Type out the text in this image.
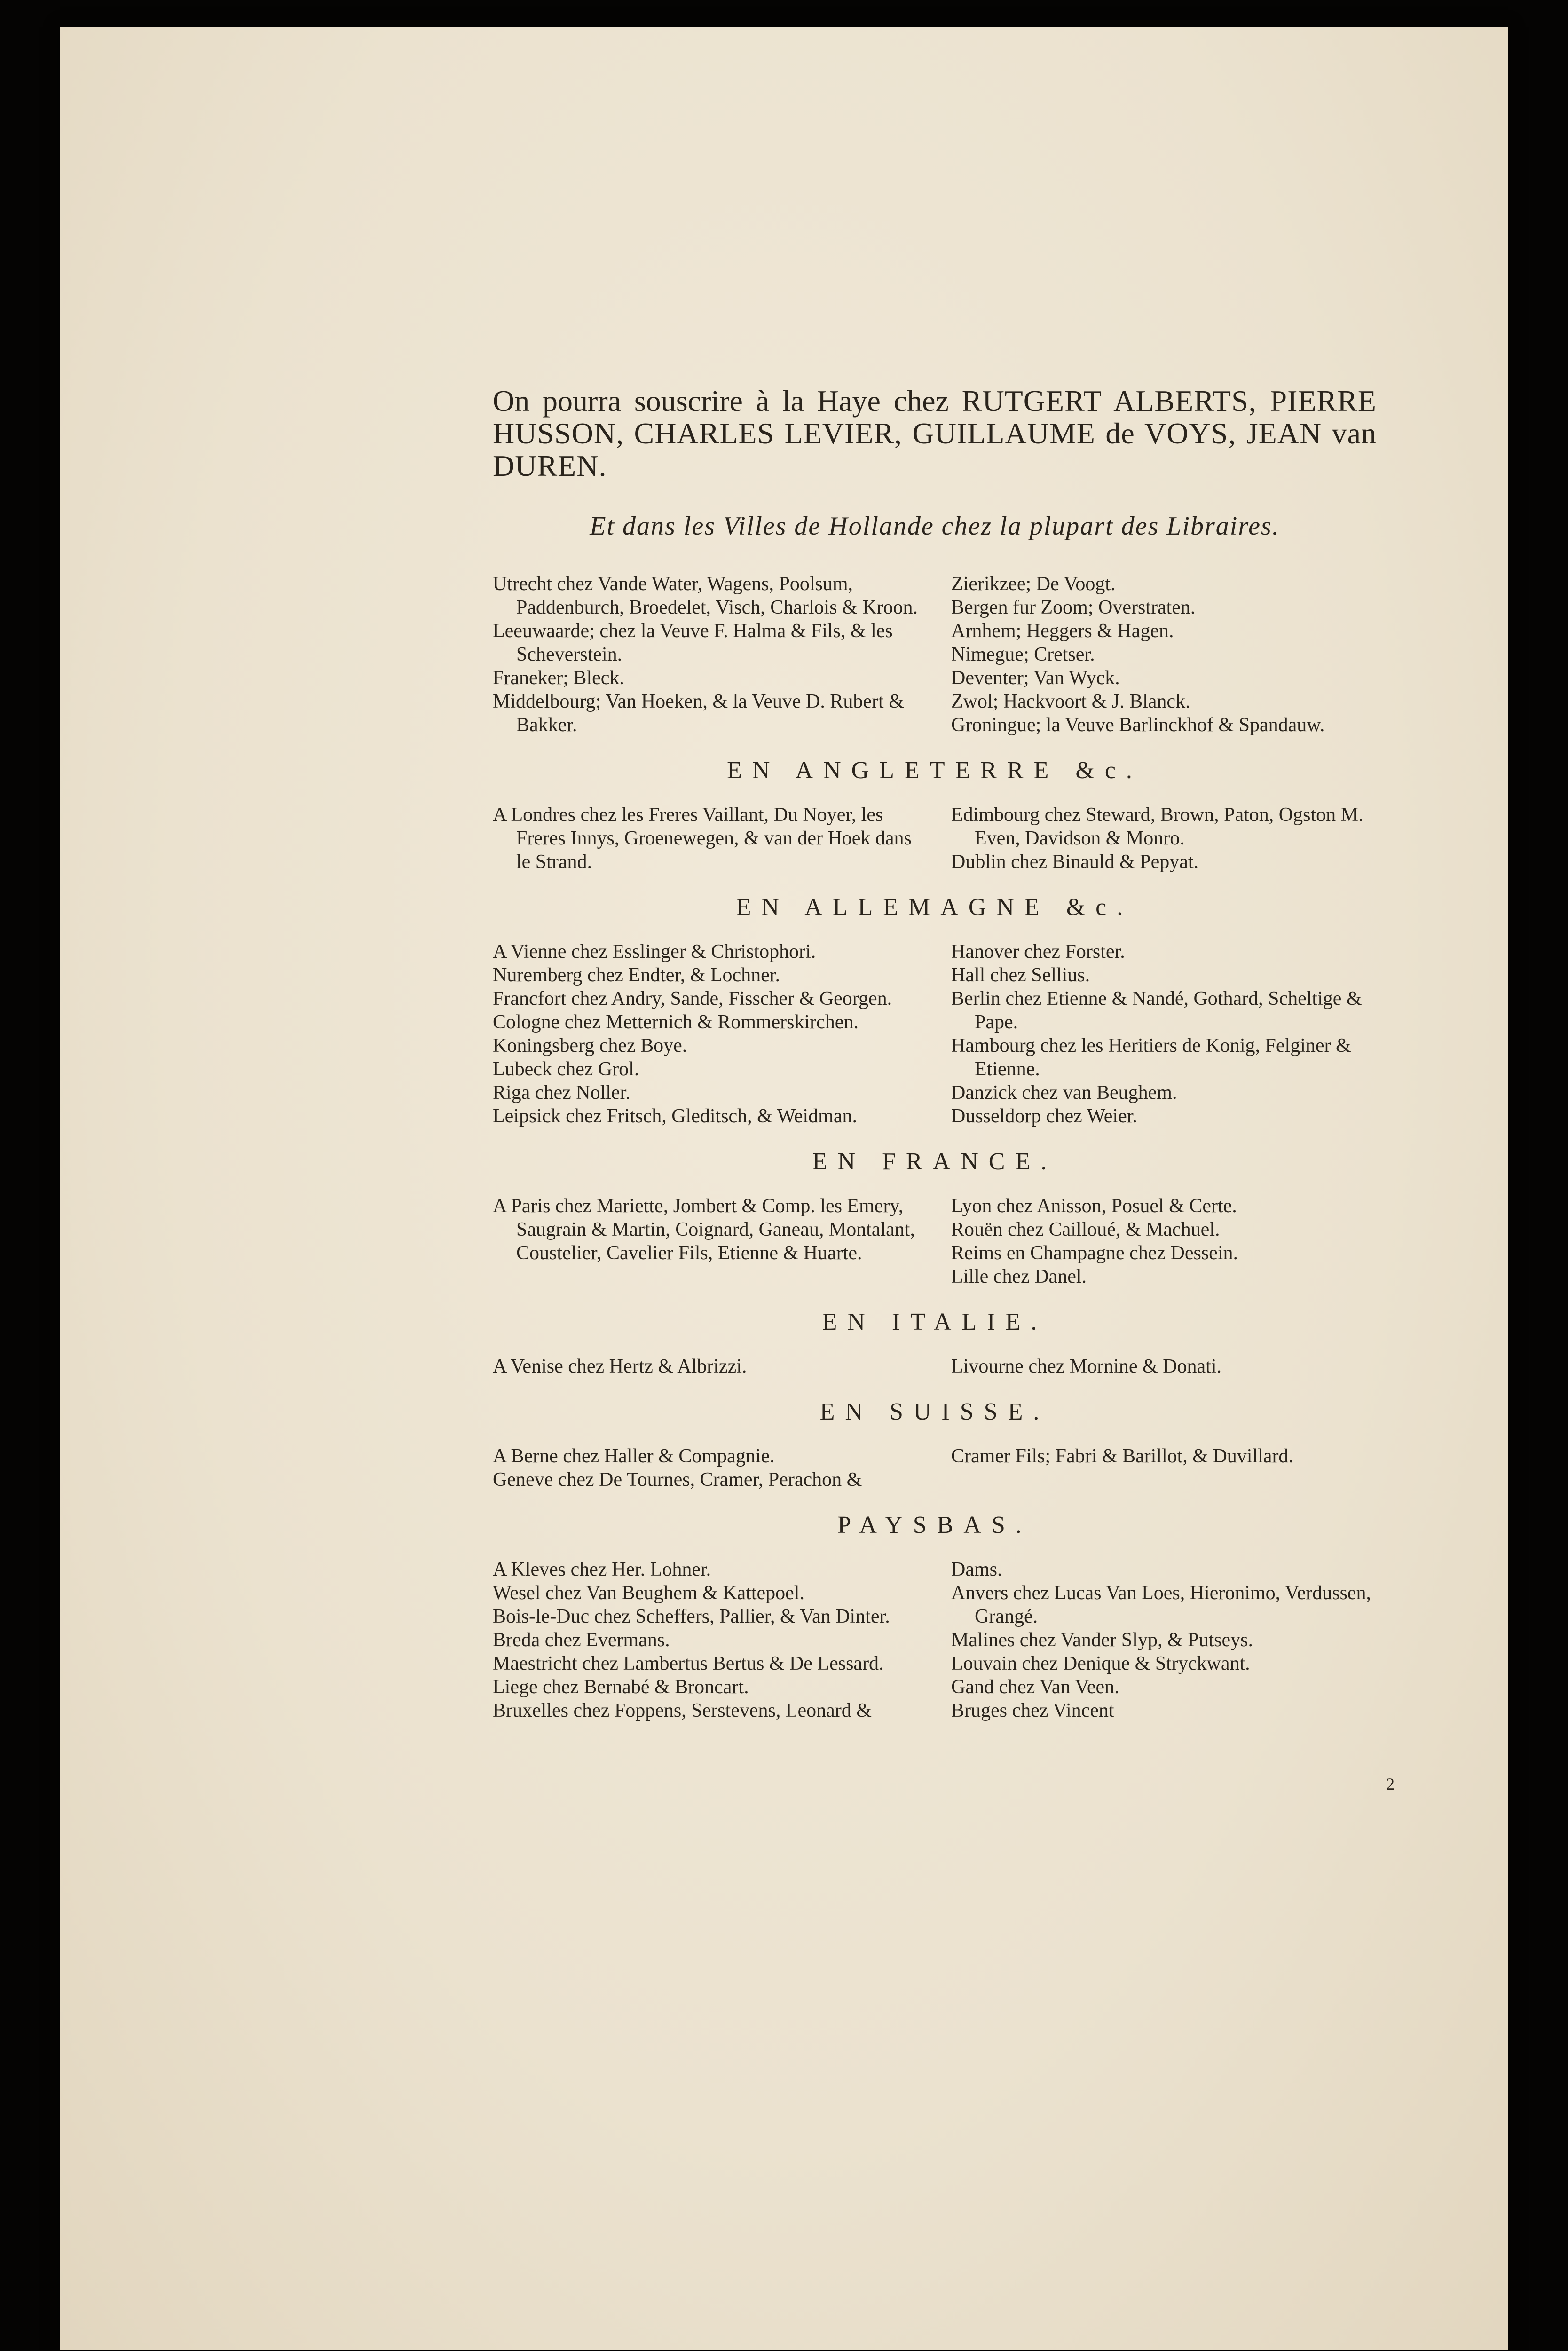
On pourra souscrire à la Haye chez RUTGERT ALBERTS, PIERRE HUSSON, CHARLES LEVIER, GUILLAUME de VOYS, JEAN van DUREN.

Et dans les Villes de Hollande chez la plupart des Libraires.

Utrecht chez Vande Water, Wagens, Poolsum, Paddenburch, Broedelet, Visch, Charlois & Kroon.

Leeuwaarde; chez la Veuve F. Halma & Fils, & les Scheverstein.

Franeker; Bleck.

Middelbourg; Van Hoeken, & la Veuve D. Rubert & Bakker.

Zierikzee; De Voogt.

Bergen fur Zoom; Overstraten.

Arnhem; Heggers & Hagen.

Nimegue; Cretser.

Deventer; Van Wyck.

Zwol; Hackvoort & J. Blanck.

Groningue; la Veuve Barlinckhof & Spandauw.

EN ANGLETERRE &c.

A Londres chez les Freres Vaillant, Du Noyer, les Freres Innys, Groenewegen, & van der Hoek dans le Strand.

Edimbourg chez Steward, Brown, Paton, Ogston M. Even, Davidson & Monro.

Dublin chez Binauld & Pepyat.

EN ALLEMAGNE &c.

A Vienne chez Esslinger & Christophori.

Nuremberg chez Endter, & Lochner.

Francfort chez Andry, Sande, Fisscher & Georgen.

Cologne chez Metternich & Rommerskirchen.

Koningsberg chez Boye.

Lubeck chez Grol.

Riga chez Noller.

Leipsick chez Fritsch, Gleditsch, & Weidman.

Hanover chez Forster.

Hall chez Sellius.

Berlin chez Etienne & Nandé, Gothard, Scheltige & Pape.

Hambourg chez les Heritiers de Konig, Felginer & Etienne.

Danzick chez van Beughem.

Dusseldorp chez Weier.

EN FRANCE.

A Paris chez Mariette, Jombert & Comp. les Emery, Saugrain & Martin, Coignard, Ganeau, Montalant, Coustelier, Cavelier Fils, Etienne & Huarte.

Lyon chez Anisson, Posuel & Certe.

Rouën chez Cailloué, & Machuel.

Reims en Champagne chez Dessein.

Lille chez Danel.

EN ITALIE.

A Venise chez Hertz & Albrizzi.	Livourne chez Mornine & Donati.

EN SUISSE.

A Berne chez Haller & Compagnie.

Geneve chez De Tournes, Cramer, Perachon &

Cramer Fils; Fabri & Barillot, & Duvillard.

PAYSBAS.

A Kleves chez Her. Lohner.

Wesel chez Van Beughem & Kattepoel.

Bois-le-Duc chez Scheffers, Pallier, & Van Dinter.

Breda chez Evermans.

Maestricht chez Lambertus Bertus & De Lessard.

Liege chez Bernabé & Broncart.

Bruxelles chez Foppens, Serstevens, Leonard &

Dams.

Anvers chez Lucas Van Loes, Hieronimo, Verdussen, Grangé.

Malines chez Vander Slyp, & Putseys.

Louvain chez Denique & Stryckwant.

Gand chez Van Veen.

Bruges chez Vincent

2
